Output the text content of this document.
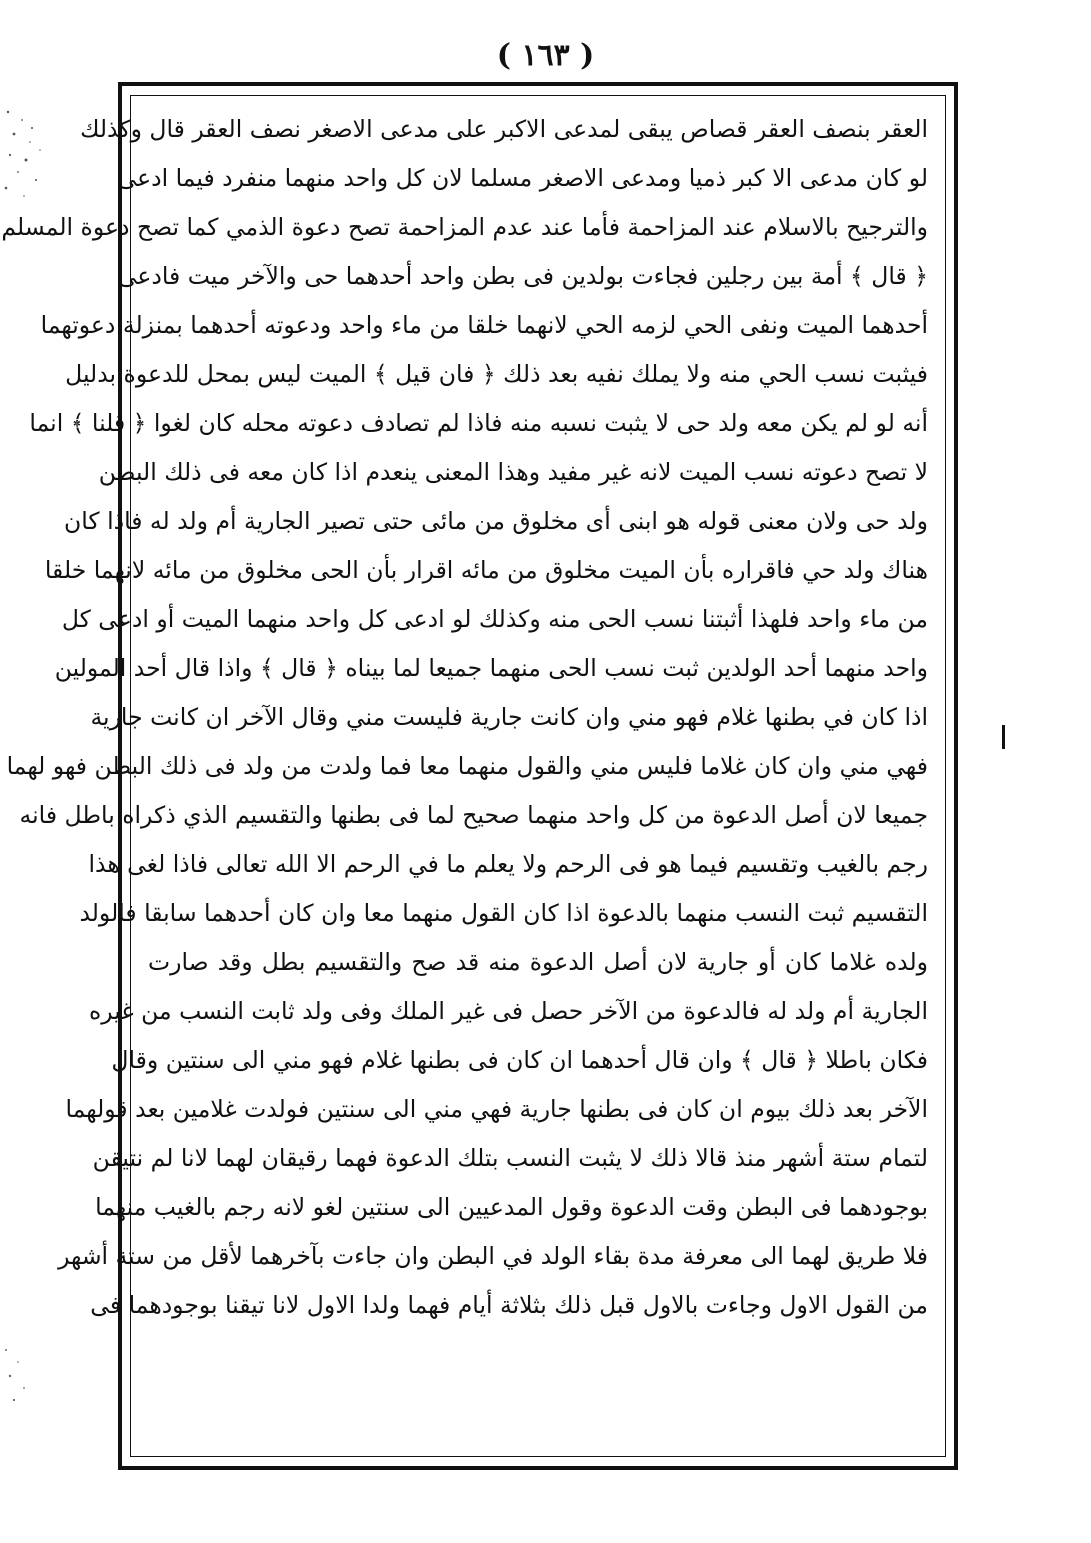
( ١٦٣ )
العقر بنصف العقر قصاص يبقى لمدعى الاكبر على مدعى الاصغر نصف العقر قال وكذلك
لو كان مدعى الا كبر ذميا ومدعى الاصغر مسلما لان كل واحد منهما منفرد فيما ادعى
والترجيح بالاسلام عند المزاحمة فأما عند عدم المزاحمة تصح دعوة الذمي كما تصح دعوة المسلم
﴿ قال ﴾ أمة بين رجلين فجاءت بولدين فى بطن واحد أحدهما حى والآخر ميت فادعى
أحدهما الميت ونفى الحي لزمه الحي لانهما خلقا من ماء واحد ودعوته أحدهما بمنزلة دعوتهما
فيثبت نسب الحي منه ولا يملك نفيه بعد ذلك ﴿ فان قيل ﴾ الميت ليس بمحل للدعوة بدليل
أنه لو لم يكن معه ولد حى لا يثبت نسبه منه فاذا لم تصادف دعوته محله كان لغوا ﴿ قلنا ﴾ انما
لا تصح دعوته نسب الميت لانه غير مفيد وهذا المعنى ينعدم اذا كان معه فى ذلك البطن
ولد حى ولان معنى قوله هو ابنى أى مخلوق من مائى حتى تصير الجارية أم ولد له فاذا كان
هناك ولد حي فاقراره بأن الميت مخلوق من مائه اقرار بأن الحى مخلوق من مائه لانهما خلقا
من ماء واحد فلهذا أثبتنا نسب الحى منه وكذلك لو ادعى كل واحد منهما الميت أو ادعى كل
واحد منهما أحد الولدين ثبت نسب الحى منهما جميعا لما بيناه ﴿ قال ﴾ واذا قال أحد المولين
اذا كان في بطنها غلام فهو مني وان كانت جارية فليست مني وقال الآخر ان كانت جارية
فهي مني وان كان غلاما فليس مني والقول منهما معا فما ولدت من ولد فى ذلك البطن فهو لهما
جميعا لان أصل الدعوة من كل واحد منهما صحيح لما فى بطنها والتقسيم الذي ذكراه باطل فانه
رجم بالغيب وتقسيم فيما هو فى الرحم ولا يعلم ما في الرحم الا الله تعالى فاذا لغى هذا
التقسيم ثبت النسب منهما بالدعوة اذا كان القول منهما معا وان كان أحدهما سابقا فالولد
ولده غلاما كان أو جارية لان أصل الدعوة منه قد صح والتقسيم بطل وقد صارت
الجارية أم ولد له فالدعوة من الآخر حصل فى غير الملك وفى ولد ثابت النسب من غيره
فكان باطلا ﴿ قال ﴾ وان قال أحدهما ان كان فى بطنها غلام فهو مني الى سنتين وقال
الآخر بعد ذلك بيوم ان كان فى بطنها جارية فهي مني الى سنتين فولدت غلامين بعد قولهما
لتمام ستة أشهر منذ قالا ذلك لا يثبت النسب بتلك الدعوة فهما رقيقان لهما لانا لم نتيقن
بوجودهما فى البطن وقت الدعوة وقول المدعيين الى سنتين لغو لانه رجم بالغيب منهما
فلا طريق لهما الى معرفة مدة بقاء الولد في البطن وان جاءت بآخرهما لأقل من ستة أشهر
من القول الاول وجاءت بالاول قبل ذلك بثلاثة أيام فهما ولدا الاول لانا تيقنا بوجودهما فى
